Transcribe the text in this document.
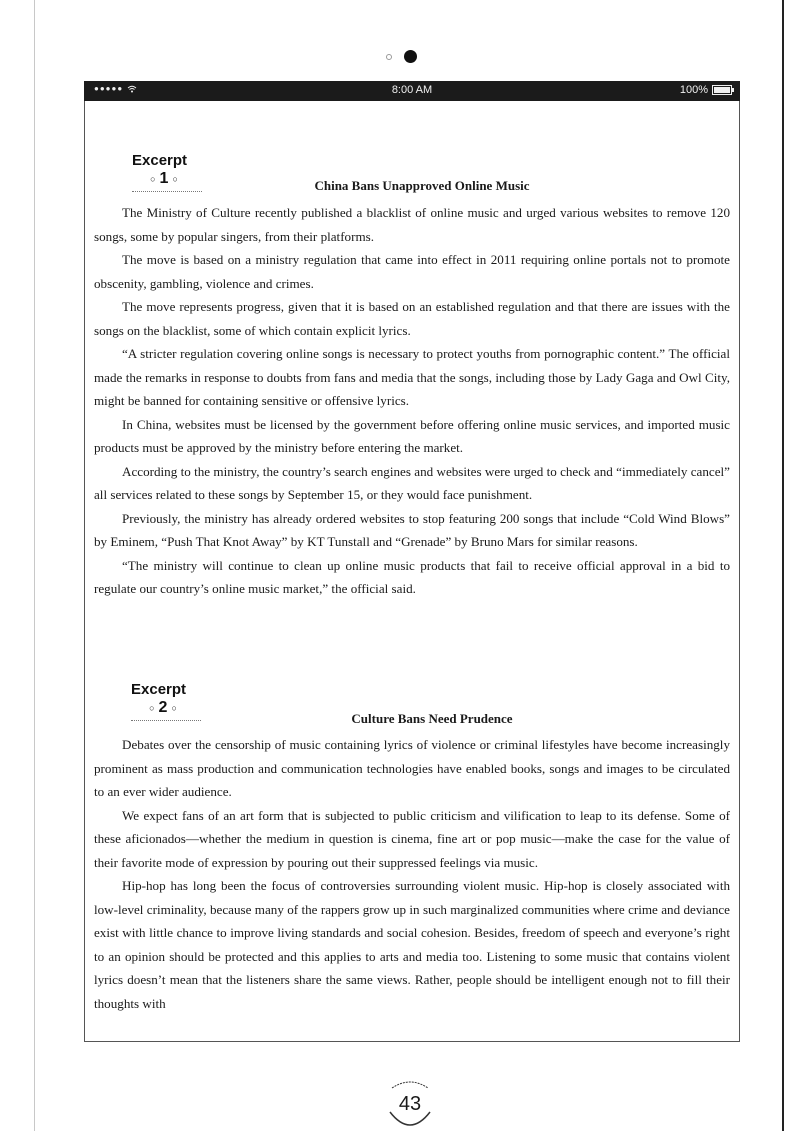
●●●●●	8:00 AM	100%
Excerpt
○ 1 ○	China Bans Unapproved Online Music

The Ministry of Culture recently published a blacklist of online music and urged various websites to remove 120 songs, some by popular singers, from their platforms.

The move is based on a ministry regulation that came into effect in 2011 requiring online portals not to promote obscenity, gambling, violence and crimes.

The move represents progress, given that it is based on an established regulation and that there are issues with the songs on the blacklist, some of which contain explicit lyrics.

“A stricter regulation covering online songs is necessary to protect youths from pornographic content.” The official made the remarks in response to doubts from fans and media that the songs, including those by Lady Gaga and Owl City, might be banned for containing sensitive or offensive lyrics.

In China, websites must be licensed by the government before offering online music services, and imported music products must be approved by the ministry before entering the market.

According to the ministry, the country’s search engines and websites were urged to check and “immediately cancel” all services related to these songs by September 15, or they would face punishment.

Previously, the ministry has already ordered websites to stop featuring 200 songs that include “Cold Wind Blows” by Eminem, “Push That Knot Away” by KT Tunstall and “Grenade” by Bruno Mars for similar reasons.

“The ministry will continue to clean up online music products that fail to receive official approval in a bid to regulate our country’s online music market,” the official said.

Excerpt
○ 2 ○
Culture Bans Need Prudence

Debates over the censorship of music containing lyrics of violence or criminal lifestyles have become increasingly prominent as mass production and communication technologies have enabled books, songs and images to be circulated to an ever wider audience.

We expect fans of an art form that is subjected to public criticism and vilification to leap to its defense. Some of these aficionados—whether the medium in question is cinema, fine art or pop music—make the case for the value of their favorite mode of expression by pouring out their suppressed feelings via music.

Hip-hop has long been the focus of controversies surrounding violent music. Hip-hop is closely associated with low-level criminality, because many of the rappers grow up in such marginalized communities where crime and deviance exist with little chance to improve living standards and social cohesion. Besides, freedom of speech and everyone’s right to an opinion should be protected and this applies to arts and media too. Listening to some music that contains violent lyrics doesn’t mean that the listeners share the same views. Rather, people should be intelligent enough not to fill their thoughts with

43
